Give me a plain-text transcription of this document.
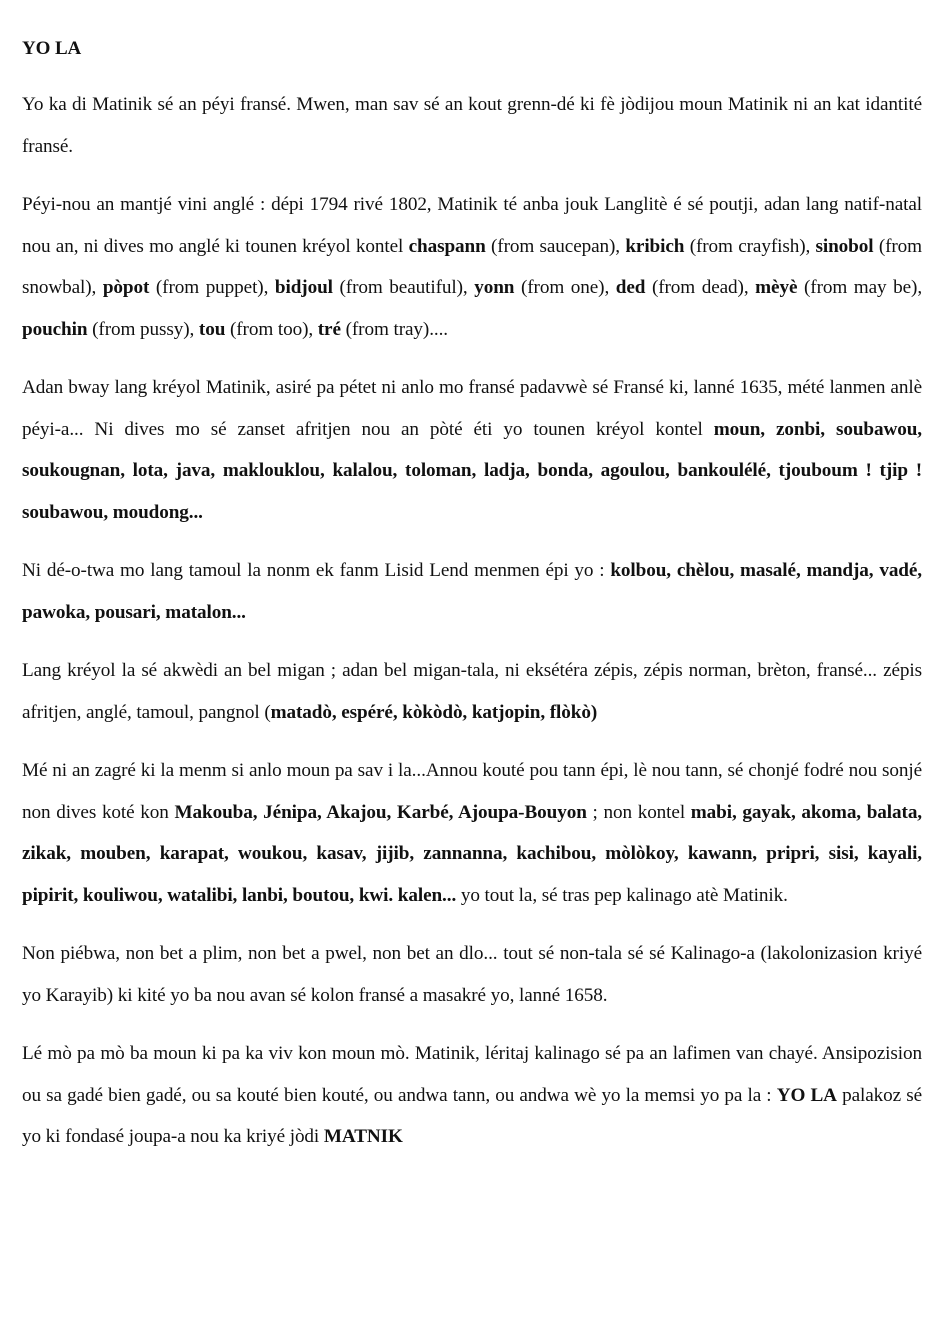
YO LA

Yo ka di Matinik sé an péyi fransé. Mwen, man sav sé an kout grenn-dé ki fè jòdijou moun Matinik ni an kat idantité fransé.

Péyi-nou an mantjé vini anglé : dépi 1794 rivé 1802, Matinik té anba jouk Langlitè é sé poutji, adan lang natif-natal nou an, ni dives mo anglé ki tounen kréyol kontel chaspann (from saucepan), kribich (from crayfish), sinobol (from snowbal), pòpot (from puppet), bidjoul (from beautiful), yonn (from one), ded (from dead), mèyè (from may be), pouchin (from pussy), tou (from too), tré (from tray)....

Adan bway lang kréyol Matinik, asiré pa pétet ni anlo mo fransé padavwè sé Fransé ki, lanné 1635, mété lanmen anlè péyi-a... Ni dives mo sé zanset afritjen nou an pòté éti yo tounen kréyol kontel moun, zonbi, soubawou, soukougnan, lota, java, maklouklou, kalalou, toloman, ladja, bonda, agoulou, bankoulélé, tjouboum ! tjip ! soubawou, moudong...

Ni dé-o-twa mo lang tamoul la nonm ek fanm Lisid Lend menmen épi yo : kolbou, chèlou, masalé, mandja, vadé, pawoka, pousari, matalon...

Lang kréyol la sé akwèdi an bel migan ; adan bel migan-tala, ni eksétéra zépis, zépis norman, brèton, fransé... zépis afritjen, anglé, tamoul, pangnol (matadò, espéré, kòkòdò, katjopin, flòkò)

Mé ni an zagré ki la menm si anlo moun pa sav i la...Annou kouté pou tann épi, lè nou tann, sé chonjé fodré nou sonjé non dives koté kon Makouba, Jénipa, Akajou, Karbé, Ajoupa-Bouyon ; non kontel mabi, gayak, akoma, balata, zikak, mouben, karapat, woukou, kasav, jijib, zannanna, kachibou, mòlòkoy, kawann, pripri, sisi, kayali, pipirit, kouliwou, watalibi, lanbi, boutou, kwi. kalen... yo tout la, sé tras pep kalinago atè Matinik.

Non piébwa, non bet a plim, non bet a pwel, non bet an dlo... tout sé non-tala sé sé Kalinago-a (lakolonizasion kriyé yo Karayib) ki kité yo ba nou avan sé kolon fransé a masakré yo, lanné 1658.

Lé mò pa mò ba moun ki pa ka viv kon moun mò. Matinik, léritaj kalinago sé pa an lafimen van chayé. Ansipozision ou sa gadé bien gadé, ou sa kouté bien kouté, ou andwa tann, ou andwa wè yo la memsi yo pa la : YO LA palakoz sé yo ki fondasé joupa-a nou ka kriyé jòdi MATNIK
